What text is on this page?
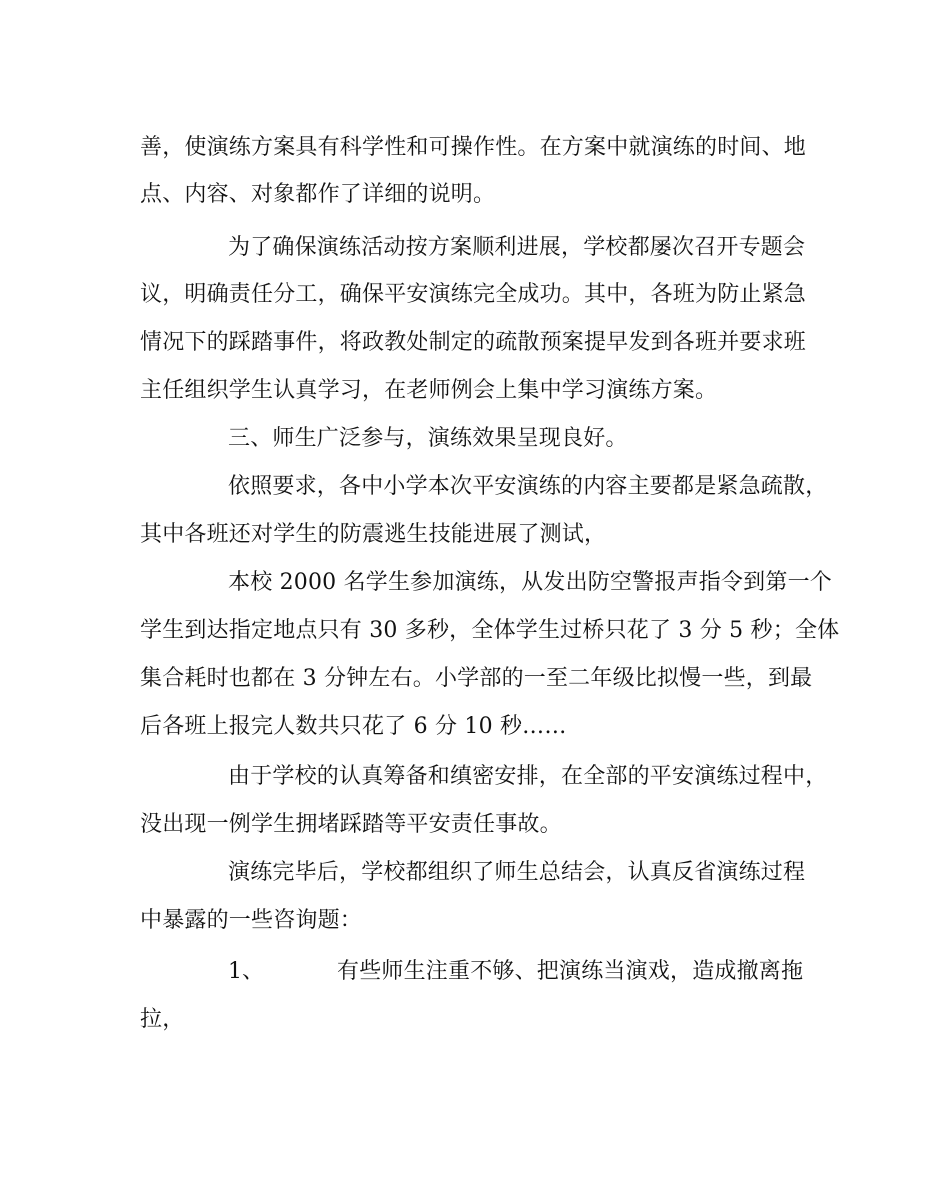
善，使演练方案具有科学性和可操作性。在方案中就演练的时间、地
点、内容、对象都作了详细的说明。
为了确保演练活动按方案顺利进展，学校都屡次召开专题会
议，明确责任分工，确保平安演练完全成功。其中，各班为防止紧急
情况下的踩踏事件，将政教处制定的疏散预案提早发到各班并要求班
主任组织学生认真学习，在老师例会上集中学习演练方案。
三、师生广泛参与，演练效果呈现良好。
依照要求，各中小学本次平安演练的内容主要都是紧急疏散，
其中各班还对学生的防震逃生技能进展了测试，
本校 2000 名学生参加演练，从发出防空警报声指令到第一个
学生到达指定地点只有 30 多秒，全体学生过桥只花了 3 分 5 秒；全体
集合耗时也都在 3 分钟左右。小学部的一至二年级比拟慢一些，到最
后各班上报完人数共只花了 6 分 10 秒……
由于学校的认真筹备和缜密安排，在全部的平安演练过程中，
没出现一例学生拥堵踩踏等平安责任事故。
演练完毕后，学校都组织了师生总结会，认真反省演练过程
中暴露的一些咨询题：
1、	有些师生注重不够、把演练当演戏，造成撤离拖
拉，
